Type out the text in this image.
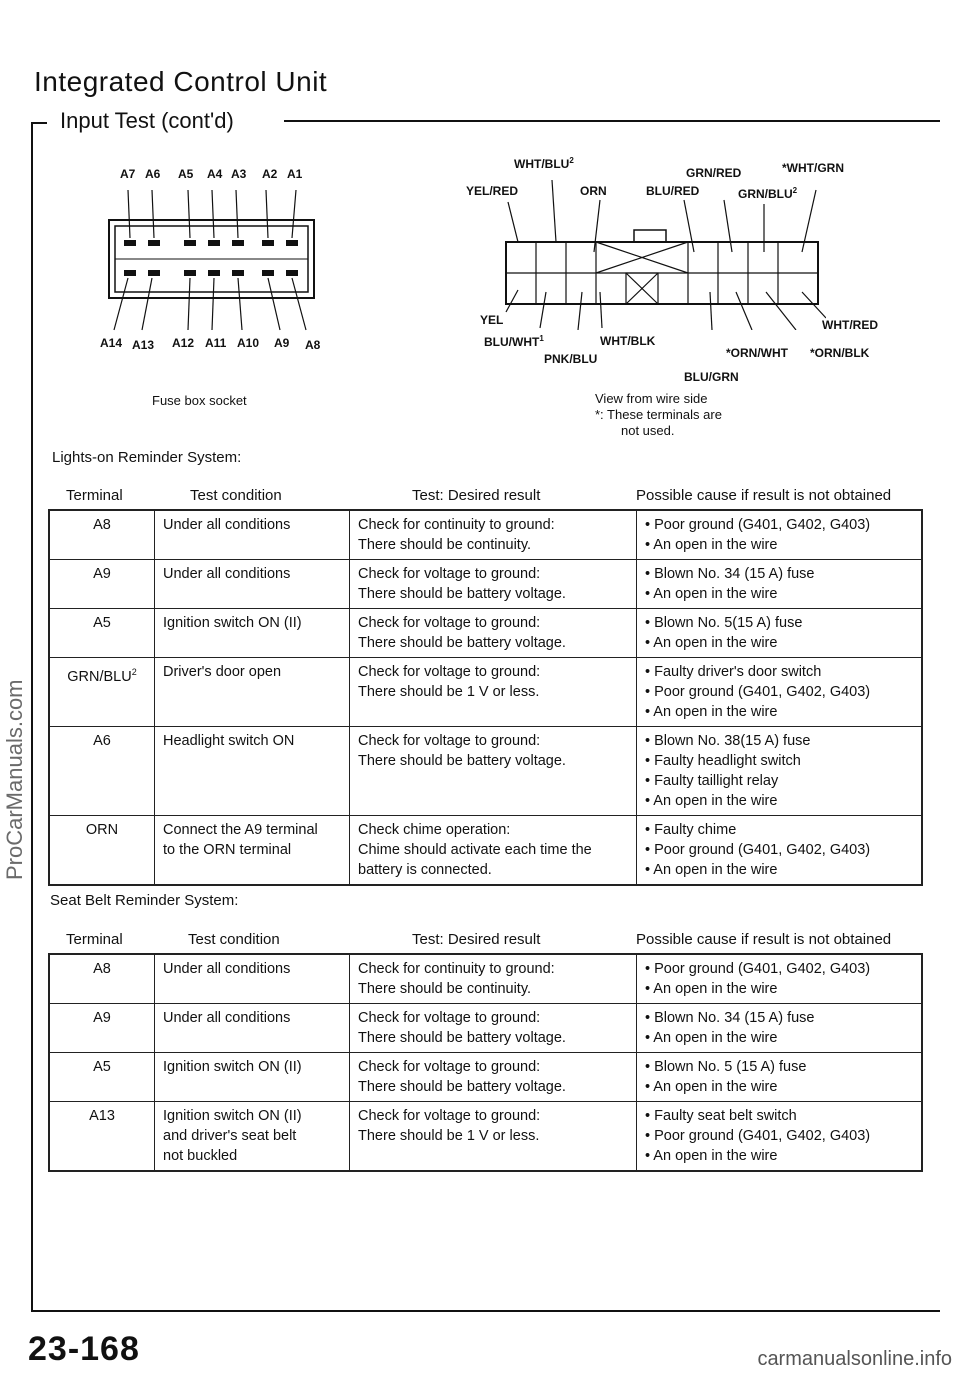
Integrated Control Unit
Input Test (cont'd)
ProCarManuals.com
A7 A6 A5 A4 A3 A2 A1
A14 A13 A12 A11 A10 A9 A8
Fuse box socket
WHT/BLU$^2$
YEL/RED	ORN
GRN/RED
BLU/RED	GRN/BLU$^2$
*WHT/GRN
YEL
BLU/WHT$^1$
PNK/BLU
WHT/BLK
BLU/GRN
*ORN/WHT *ORN/BLK
WHT/RED
View from wire side
*: These terminals are
not used.
Lights-on Reminder System:
Terminal	Test condition	Test: Desired result	Possible cause if result is not obtained
A8	Under all conditions	Check for continuity to ground:
There should be continuity.	• Poor ground (G401, G402, G403)
• An open in the wire

A9	Under all conditions	Check for voltage to ground:
There should be battery voltage.	• Blown No. 34 (15 A) fuse
• An open in the wire

A5	Ignition switch ON (II)	Check for voltage to ground:
There should be battery voltage.	• Blown No. 5(15 A) fuse
• An open in the wire

GRN/BLU$^2$	Driver's door open	Check for voltage to ground:
There should be 1 V or less.	• Faulty driver's door switch
• Poor ground (G401, G402, G403)
• An open in the wire

A6	Headlight switch ON	Check for voltage to ground:
There should be battery voltage.	• Blown No. 38(15 A) fuse
• Faulty headlight switch
• Faulty taillight relay
• An open in the wire

ORN	Connect the A9 terminal
to the ORN terminal	Check chime operation:
Chime should activate each time the
battery is connected.	• Faulty chime
• Poor ground (G401, G402, G403)
• An open in the wire
Seat Belt Reminder System:
Terminal	Test condition	Test: Desired result	Possible cause if result is not obtained
A8	Under all conditions	Check for continuity to ground:
There should be continuity.	• Poor ground (G401, G402, G403)
• An open in the wire

A9	Under all conditions	Check for voltage to ground:
There should be battery voltage.	• Blown No. 34 (15 A) fuse
• An open in the wire

A5	Ignition switch ON (II)	Check for voltage to ground:
There should be battery voltage.	• Blown No. 5 (15 A) fuse
• An open in the wire

A13	Ignition switch ON (II)
and driver's seat belt
not buckled	Check for voltage to ground:
There should be 1 V or less.	• Faulty seat belt switch
• Poor ground (G401, G402, G403)
• An open in the wire
23-168	carmanualsonline.info
